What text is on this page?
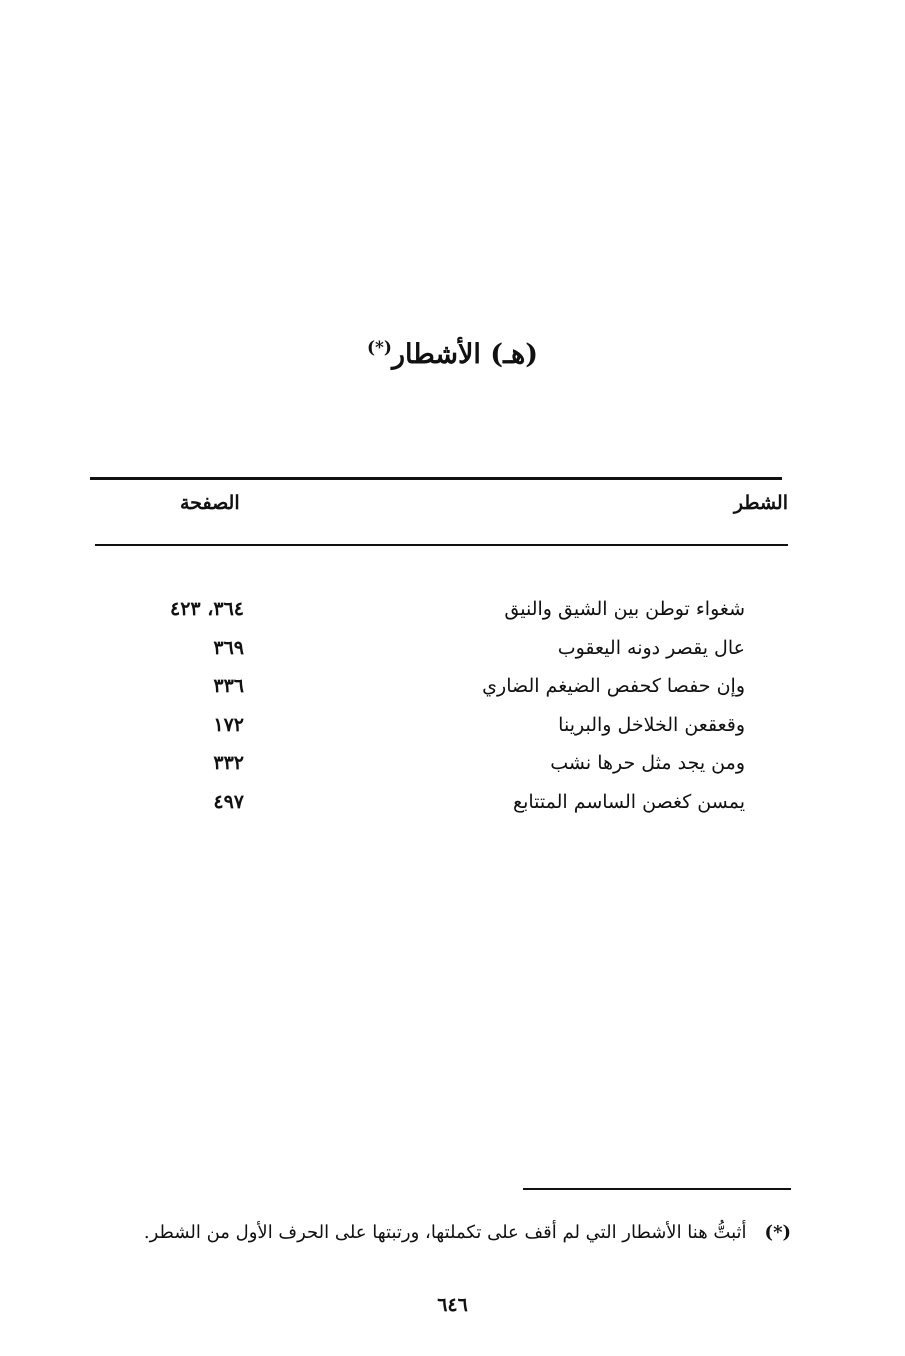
(هـ) الأشطار(*)
الشطر
الصفحة
شغواء توطن بين الشيق والنيق
٣٦٤، ٤٢٣
عال يقصر دونه اليعقوب
٣٦٩
وإن حفصا كحفص الضيغم الضاري
٣٣٦
وقعقعن الخلاخل والبرينا
١٧٢
ومن يجد مثل حرها نشب
٣٣٢
يمسن كغصن الساسم المتتابع
٤٩٧
(*)أثبتُّ هنا الأشطار التي لم أقف على تكملتها، ورتبتها على الحرف الأول من الشطر.
٦٤٦
